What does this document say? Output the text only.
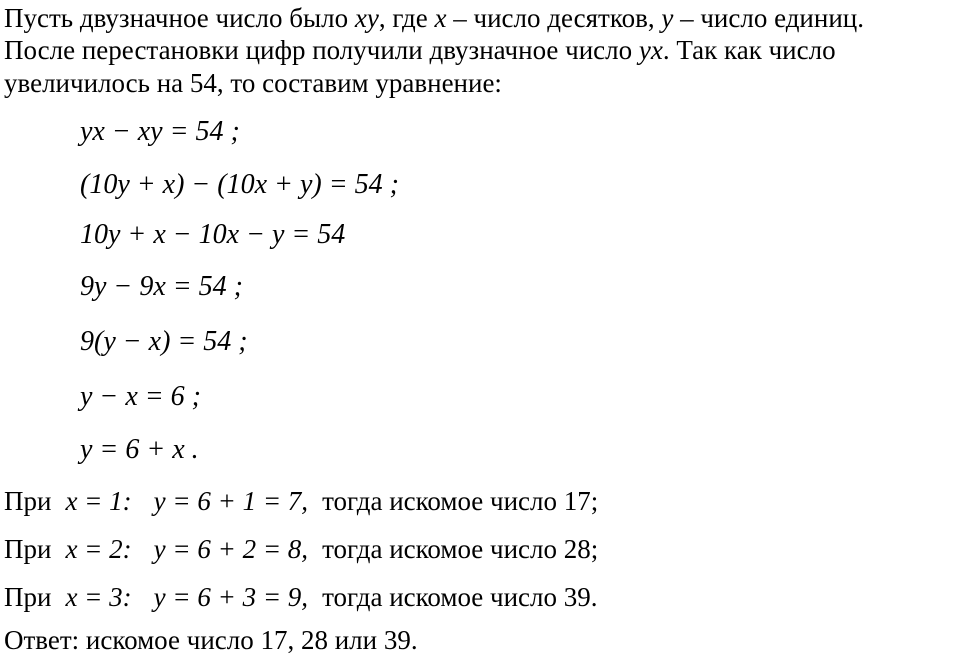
Пусть двузначное число было xy, где x – число десятков, y – число единиц.
После перестановки цифр получили двузначное число yx. Так как число
увеличилось на 54, то составим уравнение:
yx − xy = 54 ;
(10y + x) − (10x + y) = 54 ;
10y + x − 10x − y = 54
9y − 9x = 54 ;
9(y − x) = 54 ;
y − x = 6 ;
y = 6 + x .
При x = 1: y = 6 + 1 = 7, тогда искомое число 17;
При x = 2: y = 6 + 2 = 8, тогда искомое число 28;
При x = 3: y = 6 + 3 = 9, тогда искомое число 39.
Ответ: искомое число 17, 28 или 39.
